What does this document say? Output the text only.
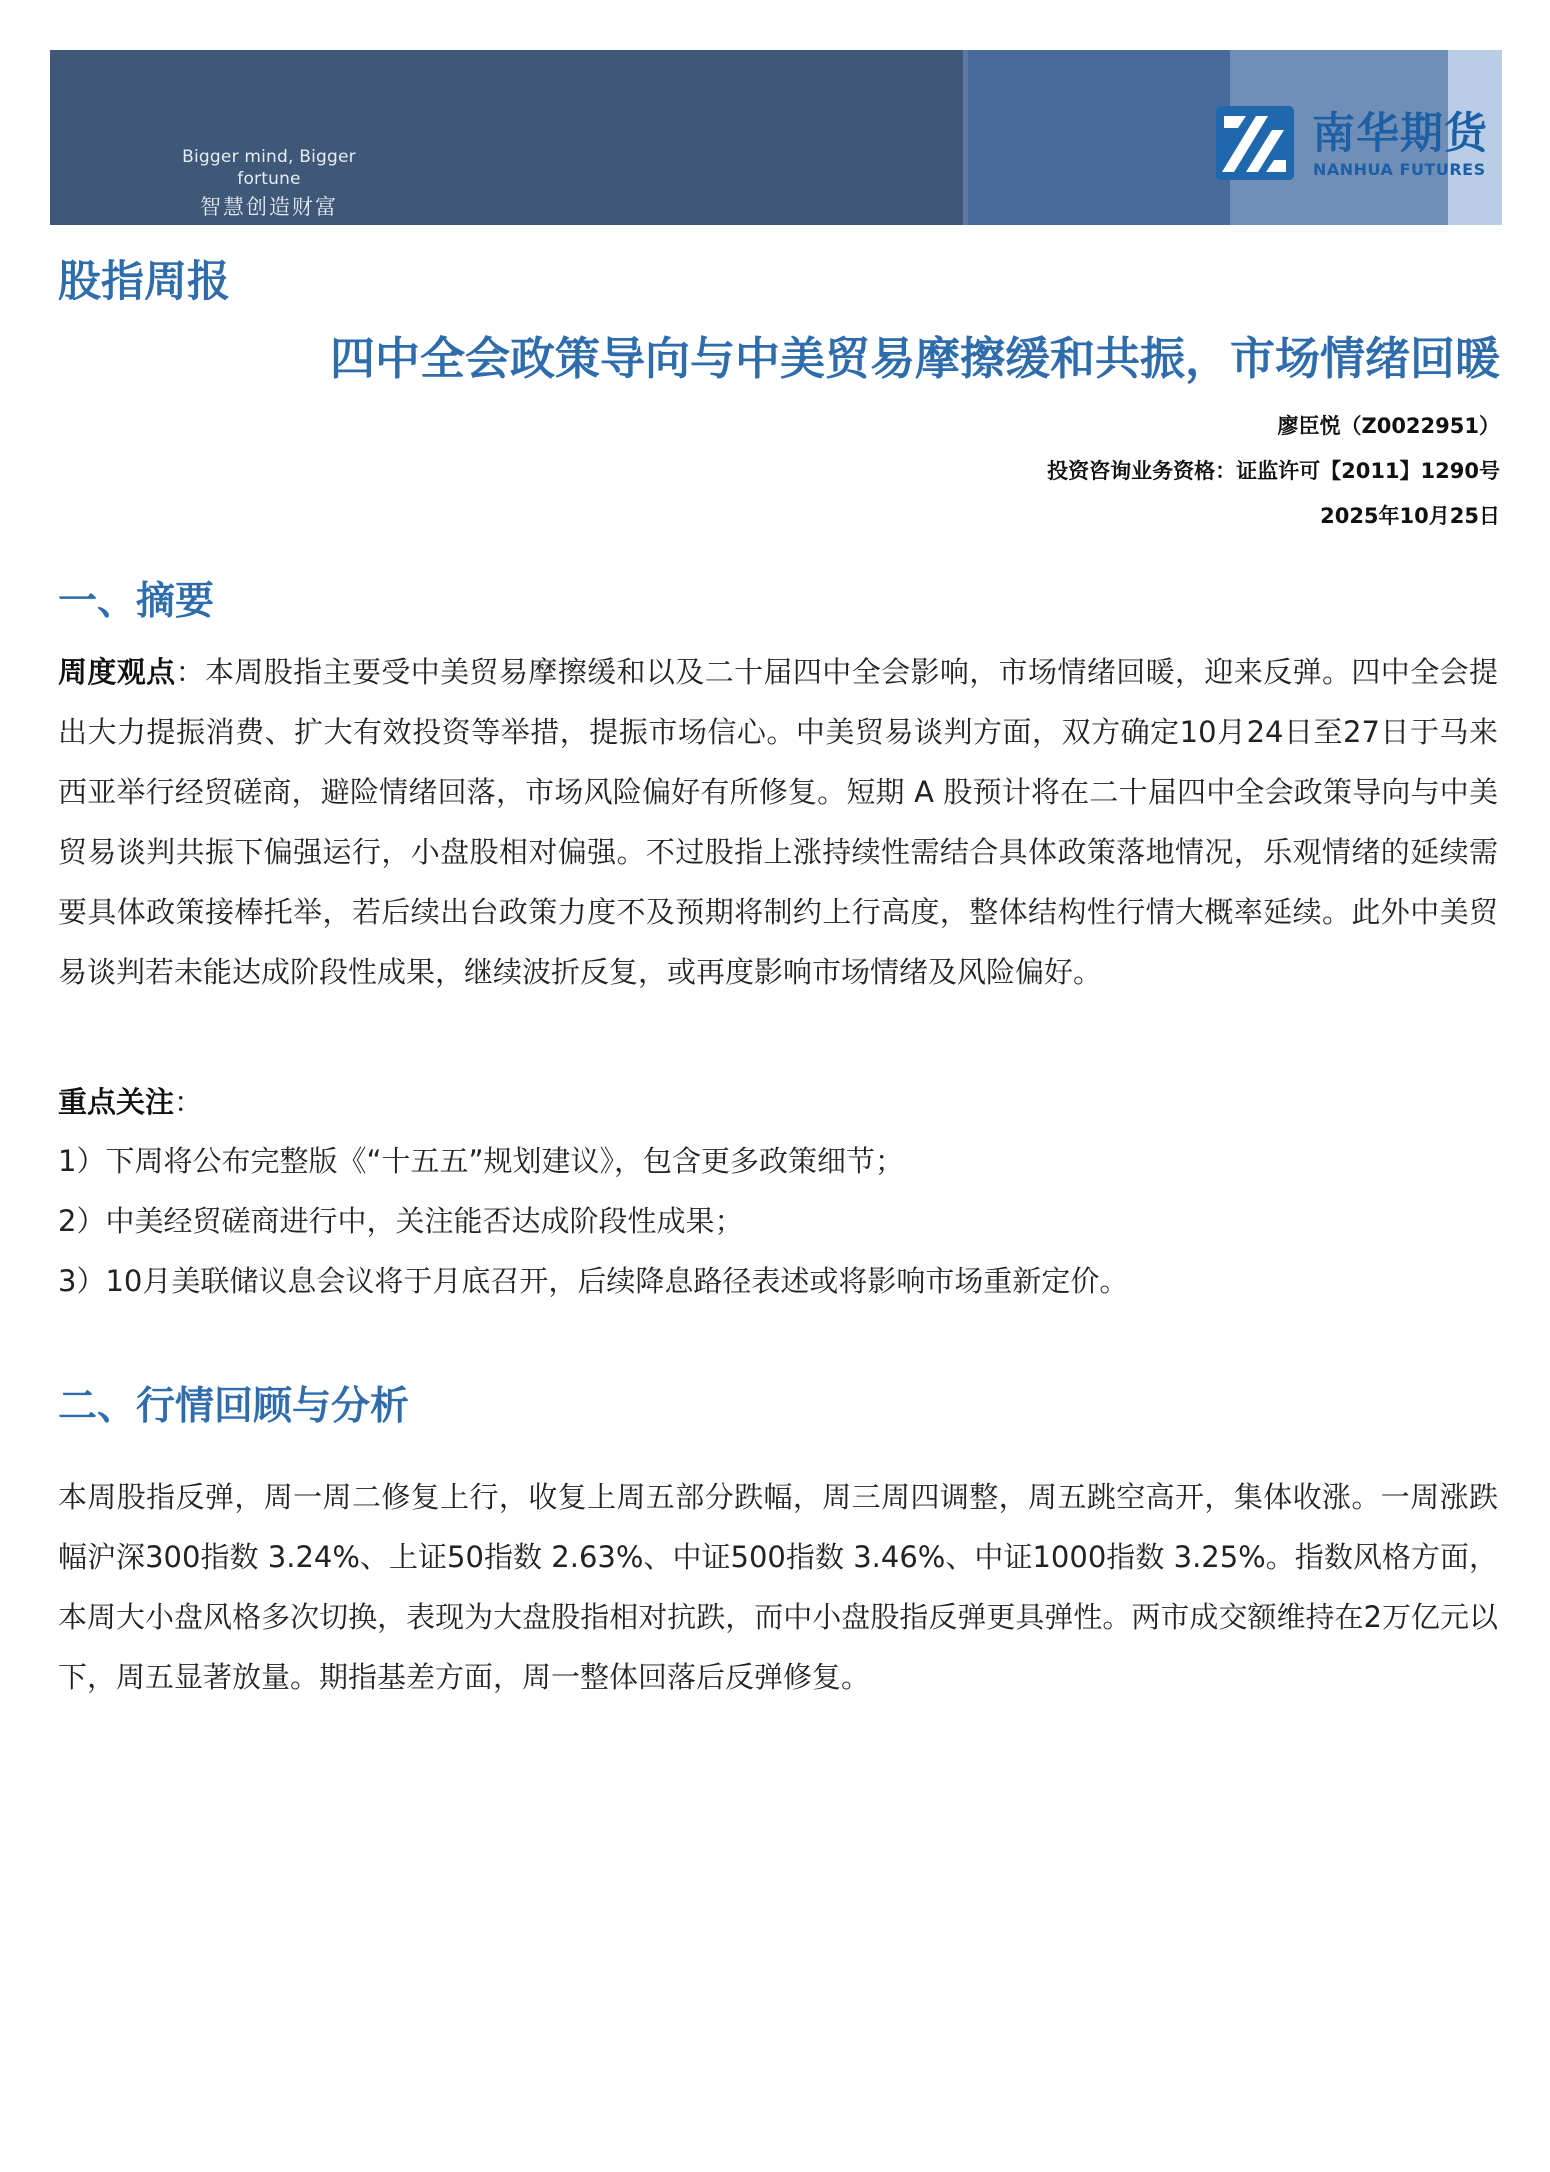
Bigger mind, Bigger fortune
智慧创造财富
南华期货
NANHUA FUTURES
股指周报
四中全会政策导向与中美贸易摩擦缓和共振，市场情绪回暖
廖臣悦（Z0022951）
投资咨询业务资格：证监许可【2011】1290号
2025年10月25日
一、摘要

周度观点：本周股指主要受中美贸易摩擦缓和以及二十届四中全会影响，市场情绪回暖，迎来反弹。四中全会提出大力提振消费、扩大有效投资等举措，提振市场信心。中美贸易谈判方面，双方确定10月24日至27日于马来西亚举行经贸磋商，避险情绪回落，市场风险偏好有所修复。短期 A 股预计将在二十届四中全会政策导向与中美贸易谈判共振下偏强运行，小盘股相对偏强。不过股指上涨持续性需结合具体政策落地情况，乐观情绪的延续需要具体政策接棒托举，若后续出台政策力度不及预期将制约上行高度，整体结构性行情大概率延续。此外中美贸易谈判若未能达成阶段性成果，继续波折反复，或再度影响市场情绪及风险偏好。

重点关注：
1）下周将公布完整版《“十五五”规划建议》，包含更多政策细节；
2）中美经贸磋商进行中，关注能否达成阶段性成果；
3）10月美联储议息会议将于月底召开，后续降息路径表述或将影响市场重新定价。
二、行情回顾与分析

本周股指反弹，周一周二修复上行，收复上周五部分跌幅，周三周四调整，周五跳空高开，集体收涨。一周涨跌幅沪深300指数 3.24%、上证50指数 2.63%、中证500指数 3.46%、中证1000指数 3.25%。指数风格方面，本周大小盘风格多次切换，表现为大盘股指相对抗跌，而中小盘股指反弹更具弹性。两市成交额维持在2万亿元以下，周五显著放量。期指基差方面，周一整体回落后反弹修复。
